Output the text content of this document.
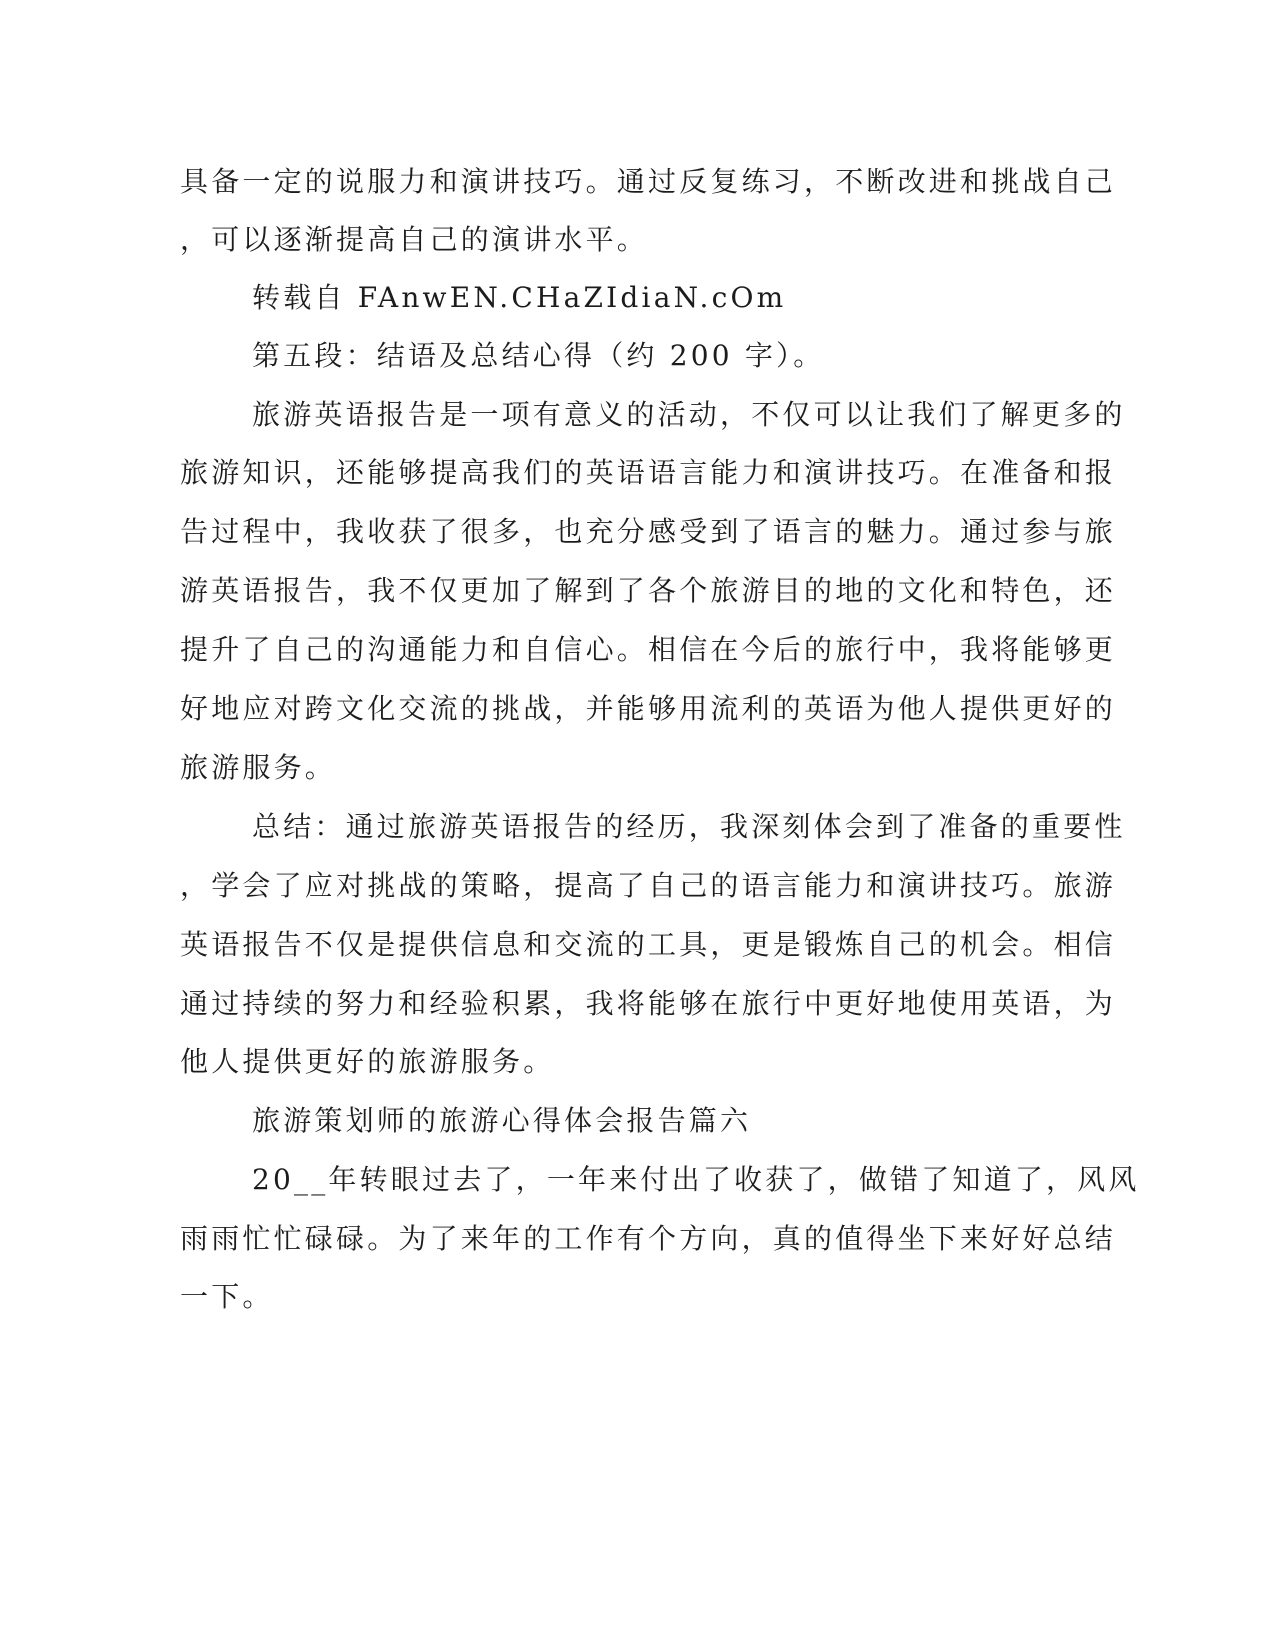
具备一定的说服力和演讲技巧。通过反复练习，不断改进和挑战自己
，可以逐渐提高自己的演讲水平。
转载自 FAnwEN.CHaZIdiaN.cOm
第五段：结语及总结心得（约 200 字）。
旅游英语报告是一项有意义的活动，不仅可以让我们了解更多的
旅游知识，还能够提高我们的英语语言能力和演讲技巧。在准备和报
告过程中，我收获了很多，也充分感受到了语言的魅力。通过参与旅
游英语报告，我不仅更加了解到了各个旅游目的地的文化和特色，还
提升了自己的沟通能力和自信心。相信在今后的旅行中，我将能够更
好地应对跨文化交流的挑战，并能够用流利的英语为他人提供更好的
旅游服务。
总结：通过旅游英语报告的经历，我深刻体会到了准备的重要性
，学会了应对挑战的策略，提高了自己的语言能力和演讲技巧。旅游
英语报告不仅是提供信息和交流的工具，更是锻炼自己的机会。相信
通过持续的努力和经验积累，我将能够在旅行中更好地使用英语，为
他人提供更好的旅游服务。
旅游策划师的旅游心得体会报告篇六
20__年转眼过去了，一年来付出了收获了，做错了知道了，风风
雨雨忙忙碌碌。为了来年的工作有个方向，真的值得坐下来好好总结
一下。
